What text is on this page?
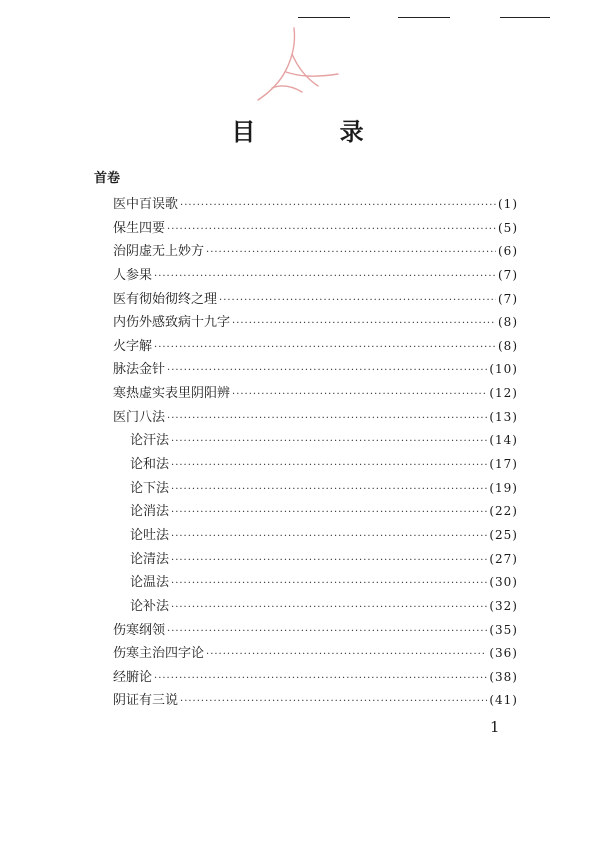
目 录
首卷
医中百误歌 ·····	(1)
保生四要 ·····	(5)
治阴虚无上妙方 ·····	(6)
人参果 ·····	(7)
医有彻始彻终之理 ·····	(7)
内伤外感致病十九字 ·····	(8)
火字解 ·····	(8)
脉法金针 ·····	(10)
寒热虚实表里阴阳辨 ·····	(12)
医门八法 ·····	(13)
论汗法 ·····	(14)
论和法 ·····	(17)
论下法 ·····	(19)
论消法 ·····	(22)
论吐法 ·····	(25)
论清法 ·····	(27)
论温法 ·····	(30)
论补法 ·····	(32)
伤寒纲领 ·····	(35)
伤寒主治四字论 ·····	(36)
经腑论 ·····	(38)
阴证有三说 ·····	(41)
1
